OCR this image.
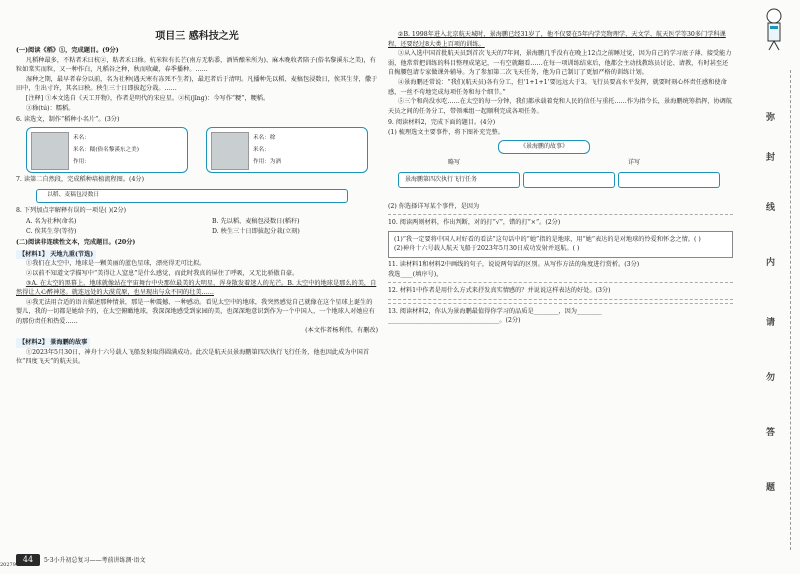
项目三 感科技之光
(一)阅读《稻》①，完成题目。(9分)

凡稻种最多，不粘者禾曰杭②，粘者禾曰稌。杭米粒有长芒(南方无粘黍，酒皆酿米所为)、麻木晚收者陪子(俗名黎溪东之美)，有粒如棠实而粒，又一种作白，凡稻谷之种，秋而收藏，春季播种。……

湿种之期，最早者春分以前，名为社种(遇天寒有冻死不生者)，最迟者后于清明。凡播种先以稻、麦稿包浸数日，俟其生芽，撒于田中，生出寸许，其名曰秧。秧生三十日即拔起分栽。……

[注释] ①本文选自《天工开物》，作者是明代的宋应星。②杭(jīng)：今写作“粳”，粳稻。

③稌(tú)：糯稻。

6. 读选文，制作“稻种小名片”。(3分)
禾名：
米名：糯(俗名黎溪东之美)
作用：
禾名：稌
米名：
作用：为酒
7. 读第二自然段，完成稻种培植流程图。(4分)
以稻、麦稿包浸数日
8. 下列加点字解释有误的一项是( )(2分)
A. 名为社种(命名)	B. 先以稻、麦稿包浸数日(稻秆)
C. 俟其生芽(等待)	D. 秧生三十日即拔起分栽(立刻)
(二)阅读非连续性文本，完成题目。(20分)
【材料1】 天地九重(节选)

①我们在太空中，地球是一颗美丽的蓝色星球，漂亮得无可比拟。

②以前不知道文学描写中“美得让人窒息”是什么感觉，而此时我真的屏住了呼吸，又无比骄傲自豪。

③A. 在太空的黑幕上，地球就像站在宇宙舞台中央那位最美的大明星，浑身散发着迷人的光芒。B. 太空中的地球是那么的美，自然得让人心醉神迷。就连远处的大漠荒原，也呈现出与众不同的壮美……

④我无法用合适的语言描述那种情景，那是一种震撼、一种感动。看见太空中的地球，我突然感觉自己就像在这个星球上诞生的婴儿，我的一切都是她给予的，在太空俯瞰地球，我深深地感受到家园的美，也深深地意识到作为一个中国人、一个地球人对她应有的那份责任和热爱……

(本文作者杨利伟，有删改)
【材料2】 景海鹏的故事

①2023年5月30日，神舟十六号载人飞船发射取得圆满成功。此次是航天员景海鹏第四次执行飞行任务，他也因此成为中国首位“四度飞天”的航天员。

②B. 1998年进入北京航天城时，景海鹏已经31岁了，他不仅要在5年内学完物理学、天文学、航天医学等30多门学科课程，还要经过8大类上百项的训练。

③从入选中国首批航天员到首次飞天的7年间，景海鹏几乎没有在晚上12点之前睡过觉，因为自己的学习底子薄、接受能力弱，他常常把训练的科目整理成笔记，一有空就翻看……在每一项训练结束后，他都会主动找教练员讨论、请教，有时甚至还自掏腰包请专家做课外辅导。为了参加第二次飞天任务，他为自己制订了更加严格的训练计划。

④景海鹏还常说：“我们(航天员)各有分工，但‘1+1+1’要远远大于3。飞行员要高水平发挥，就要时刻心怀责任感和使命感，一丝不苟地完成每项任务和每个细节。”

⑤三个和尚没水吃……在太空的每一分钟，我们都承载着党和人民的信任与重托……作为指令长，景海鹏统筹指挥，协调航天员之间的任务分工，带领乘组一起顺利完成各项任务。

9. 阅读材料2，完成下面的题目。(4分)
(1) 梳理选文主要事件，将下图补充完整。
《景海鹏的故事》
略写	详写
景海鹏第四次执行飞行任务
(2) 你选择详写某个事件，是因为
10. 阅读两则材料，作出判断，对的打“√”，错的打“×”。(2分)
(1)“我一定要将中国人对好看的看法”这句话中的“她”指的是地球，用“她”表达的是对地球的怜爱和怀念之情。( )
(2)神舟十六号载人航天飞船于2023年5月30日成功发射并返航。( )
11. 读材料1和材料2中画线的句子，说说两句话的区别。从写作方法的角度进行赏析。(3分)
我选____(填序号)，
12. 材料1中作者是用什么方式来抒发真实情感的？并说说这样表达的好处。(3分)
13. 阅读材料2，你认为景海鹏最值得你学习的品质是________，因为________
____________________________________。(2分)
弥
封
线
内
请
勿
答
题
44	5·3小升初总复习——考前讲练测·语文
20279
